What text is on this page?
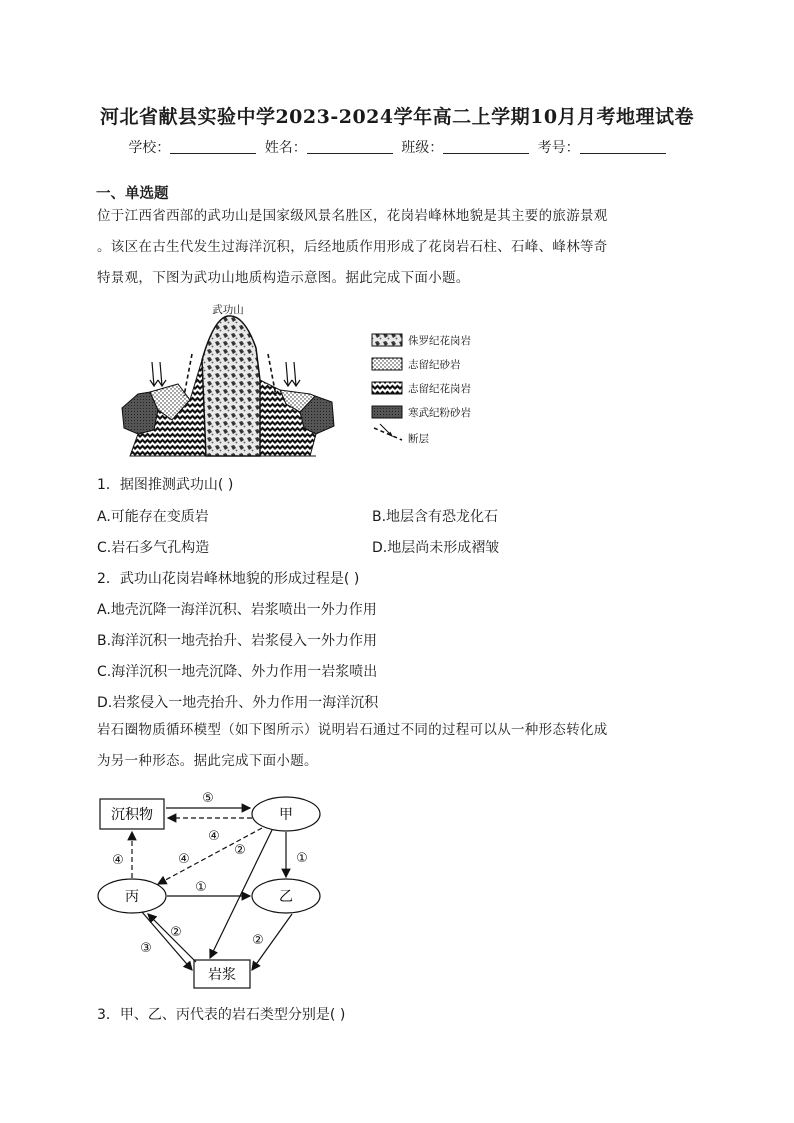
河北省献县实验中学2023-2024学年高二上学期10月月考地理试卷
学校：	姓名：	班级：	考号：
一、单选题
位于江西省西部的武功山是国家级风景名胜区，花岗岩峰林地貌是其主要的旅游景观
。该区在古生代发生过海洋沉积，后经地质作用形成了花岗岩石柱、石峰、峰林等奇
特景观，下图为武功山地质构造示意图。据此完成下面小题。
武功山
侏罗纪花岗岩
志留纪砂岩
志留纪花岗岩
寒武纪粉砂岩
断层
1．据图推测武功山( )
A.可能存在变质岩	B.地层含有恐龙化石
C.岩石多气孔构造	D.地层尚未形成褶皱
2．武功山花岗岩峰林地貌的形成过程是( )
A.地壳沉降一海洋沉积、岩浆喷出一外力作用
B.海洋沉积一地壳抬升、岩浆侵入一外力作用
C.海洋沉积一地壳沉降、外力作用一岩浆喷出
D.岩浆侵入一地壳抬升、外力作用一海洋沉积
岩石圈物质循环模型（如下图所示）说明岩石通过不同的过程可以从一种形态转化成
为另一种形态。据此完成下面小题。
沉积物	甲
丙	乙
岩浆
⑤
④
④	④
②
①
①
②
③
②
3．甲、乙、丙代表的岩石类型分别是( )
